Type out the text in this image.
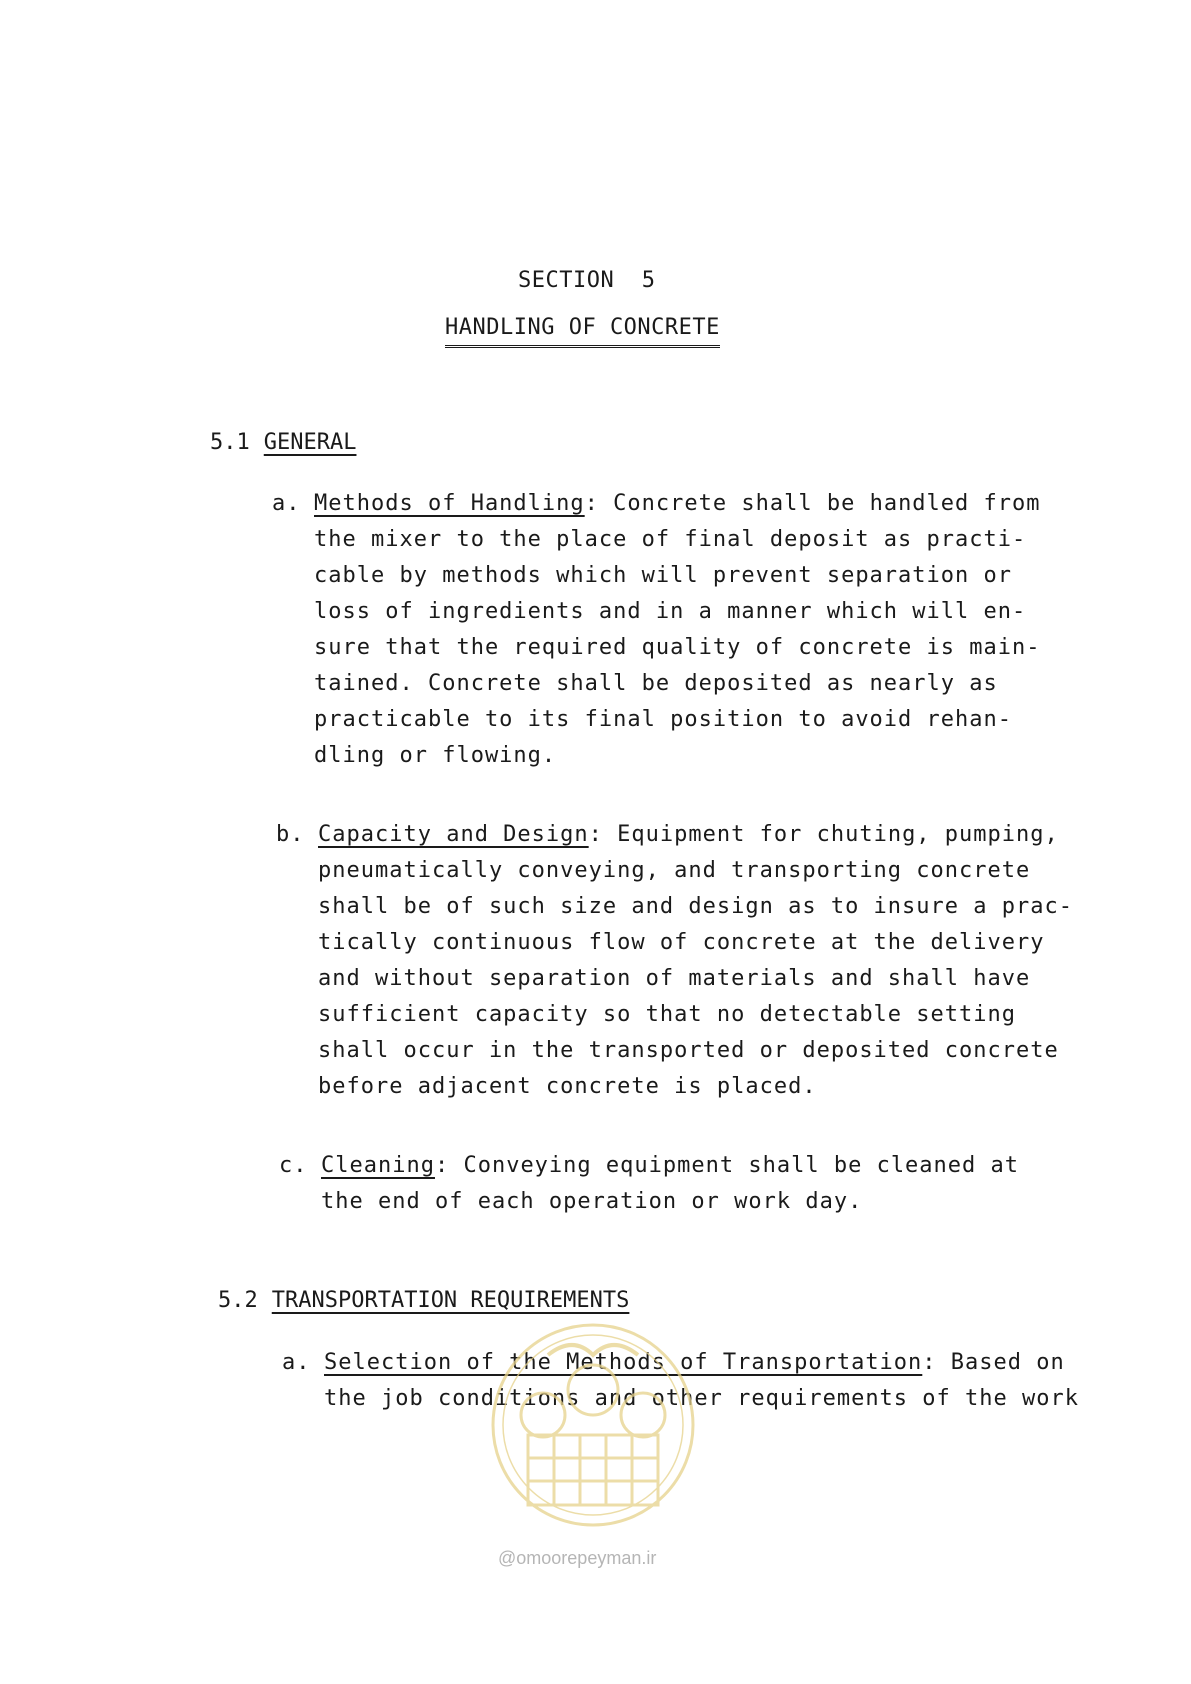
SECTION  5
HANDLING OF CONCRETE
5.1 GENERAL
a. Methods of Handling: Concrete shall be handled from
the mixer to the place of final deposit as practi-
cable by methods which will prevent separation or
loss of ingredients and in a manner which will en-
sure that the required quality of concrete is main-
tained. Concrete shall be deposited as nearly as
practicable to its final position to avoid rehan-
dling or flowing.
b. Capacity and Design: Equipment for chuting, pumping,
pneumatically conveying, and transporting concrete
shall be of such size and design as to insure a prac-
tically continuous flow of concrete at the delivery
and without separation of materials and shall have
sufficient capacity so that no detectable setting
shall occur in the transported or deposited concrete
before adjacent concrete is placed.
c. Cleaning: Conveying equipment shall be cleaned at
the end of each operation or work day.
5.2 TRANSPORTATION REQUIREMENTS
a. Selection of the Methods of Transportation: Based on
the job conditions and other requirements of the work
@omoorepeyman.ir
